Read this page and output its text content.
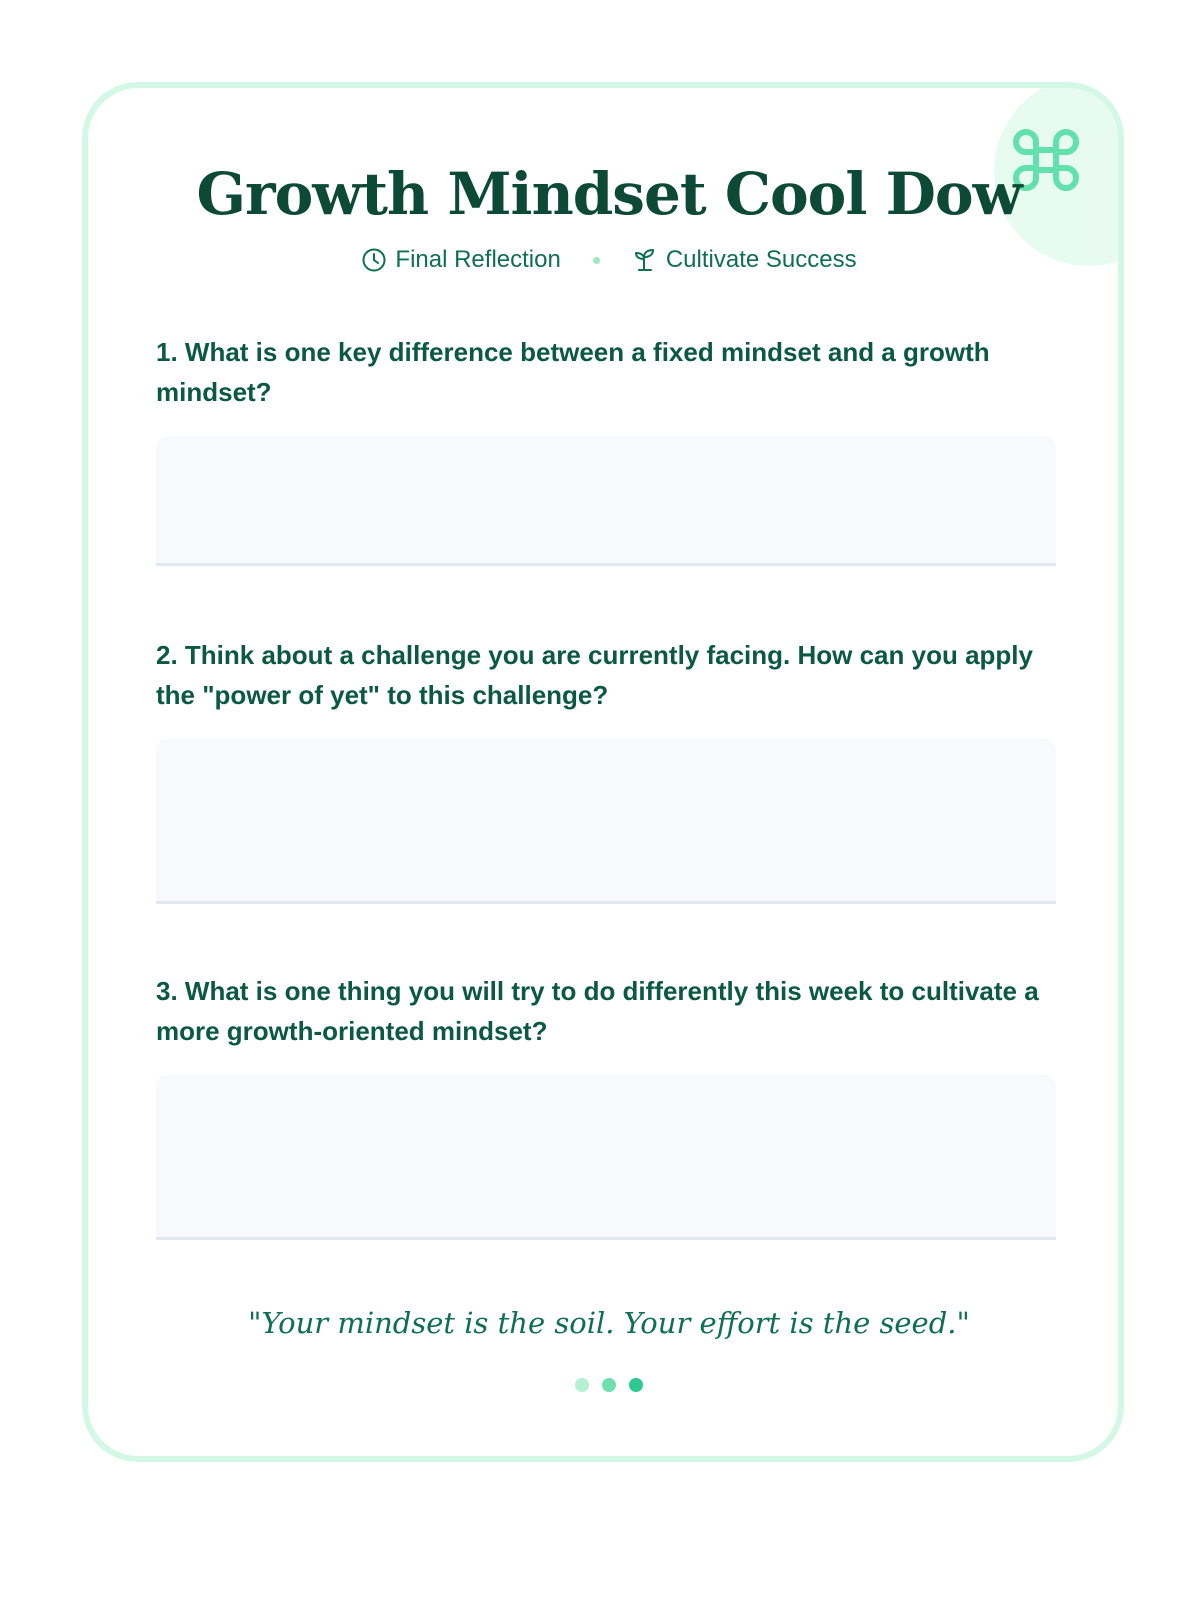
Growth Mindset Cool Dow
Final Reflection	Cultivate Success

1. What is one key difference between a fixed mindset and a growth mindset?

2. Think about a challenge you are currently facing. How can you apply the "power of yet" to this challenge?

3. What is one thing you will try to do differently this week to cultivate a more growth-oriented mindset?

"Your mindset is the soil. Your effort is the seed."
